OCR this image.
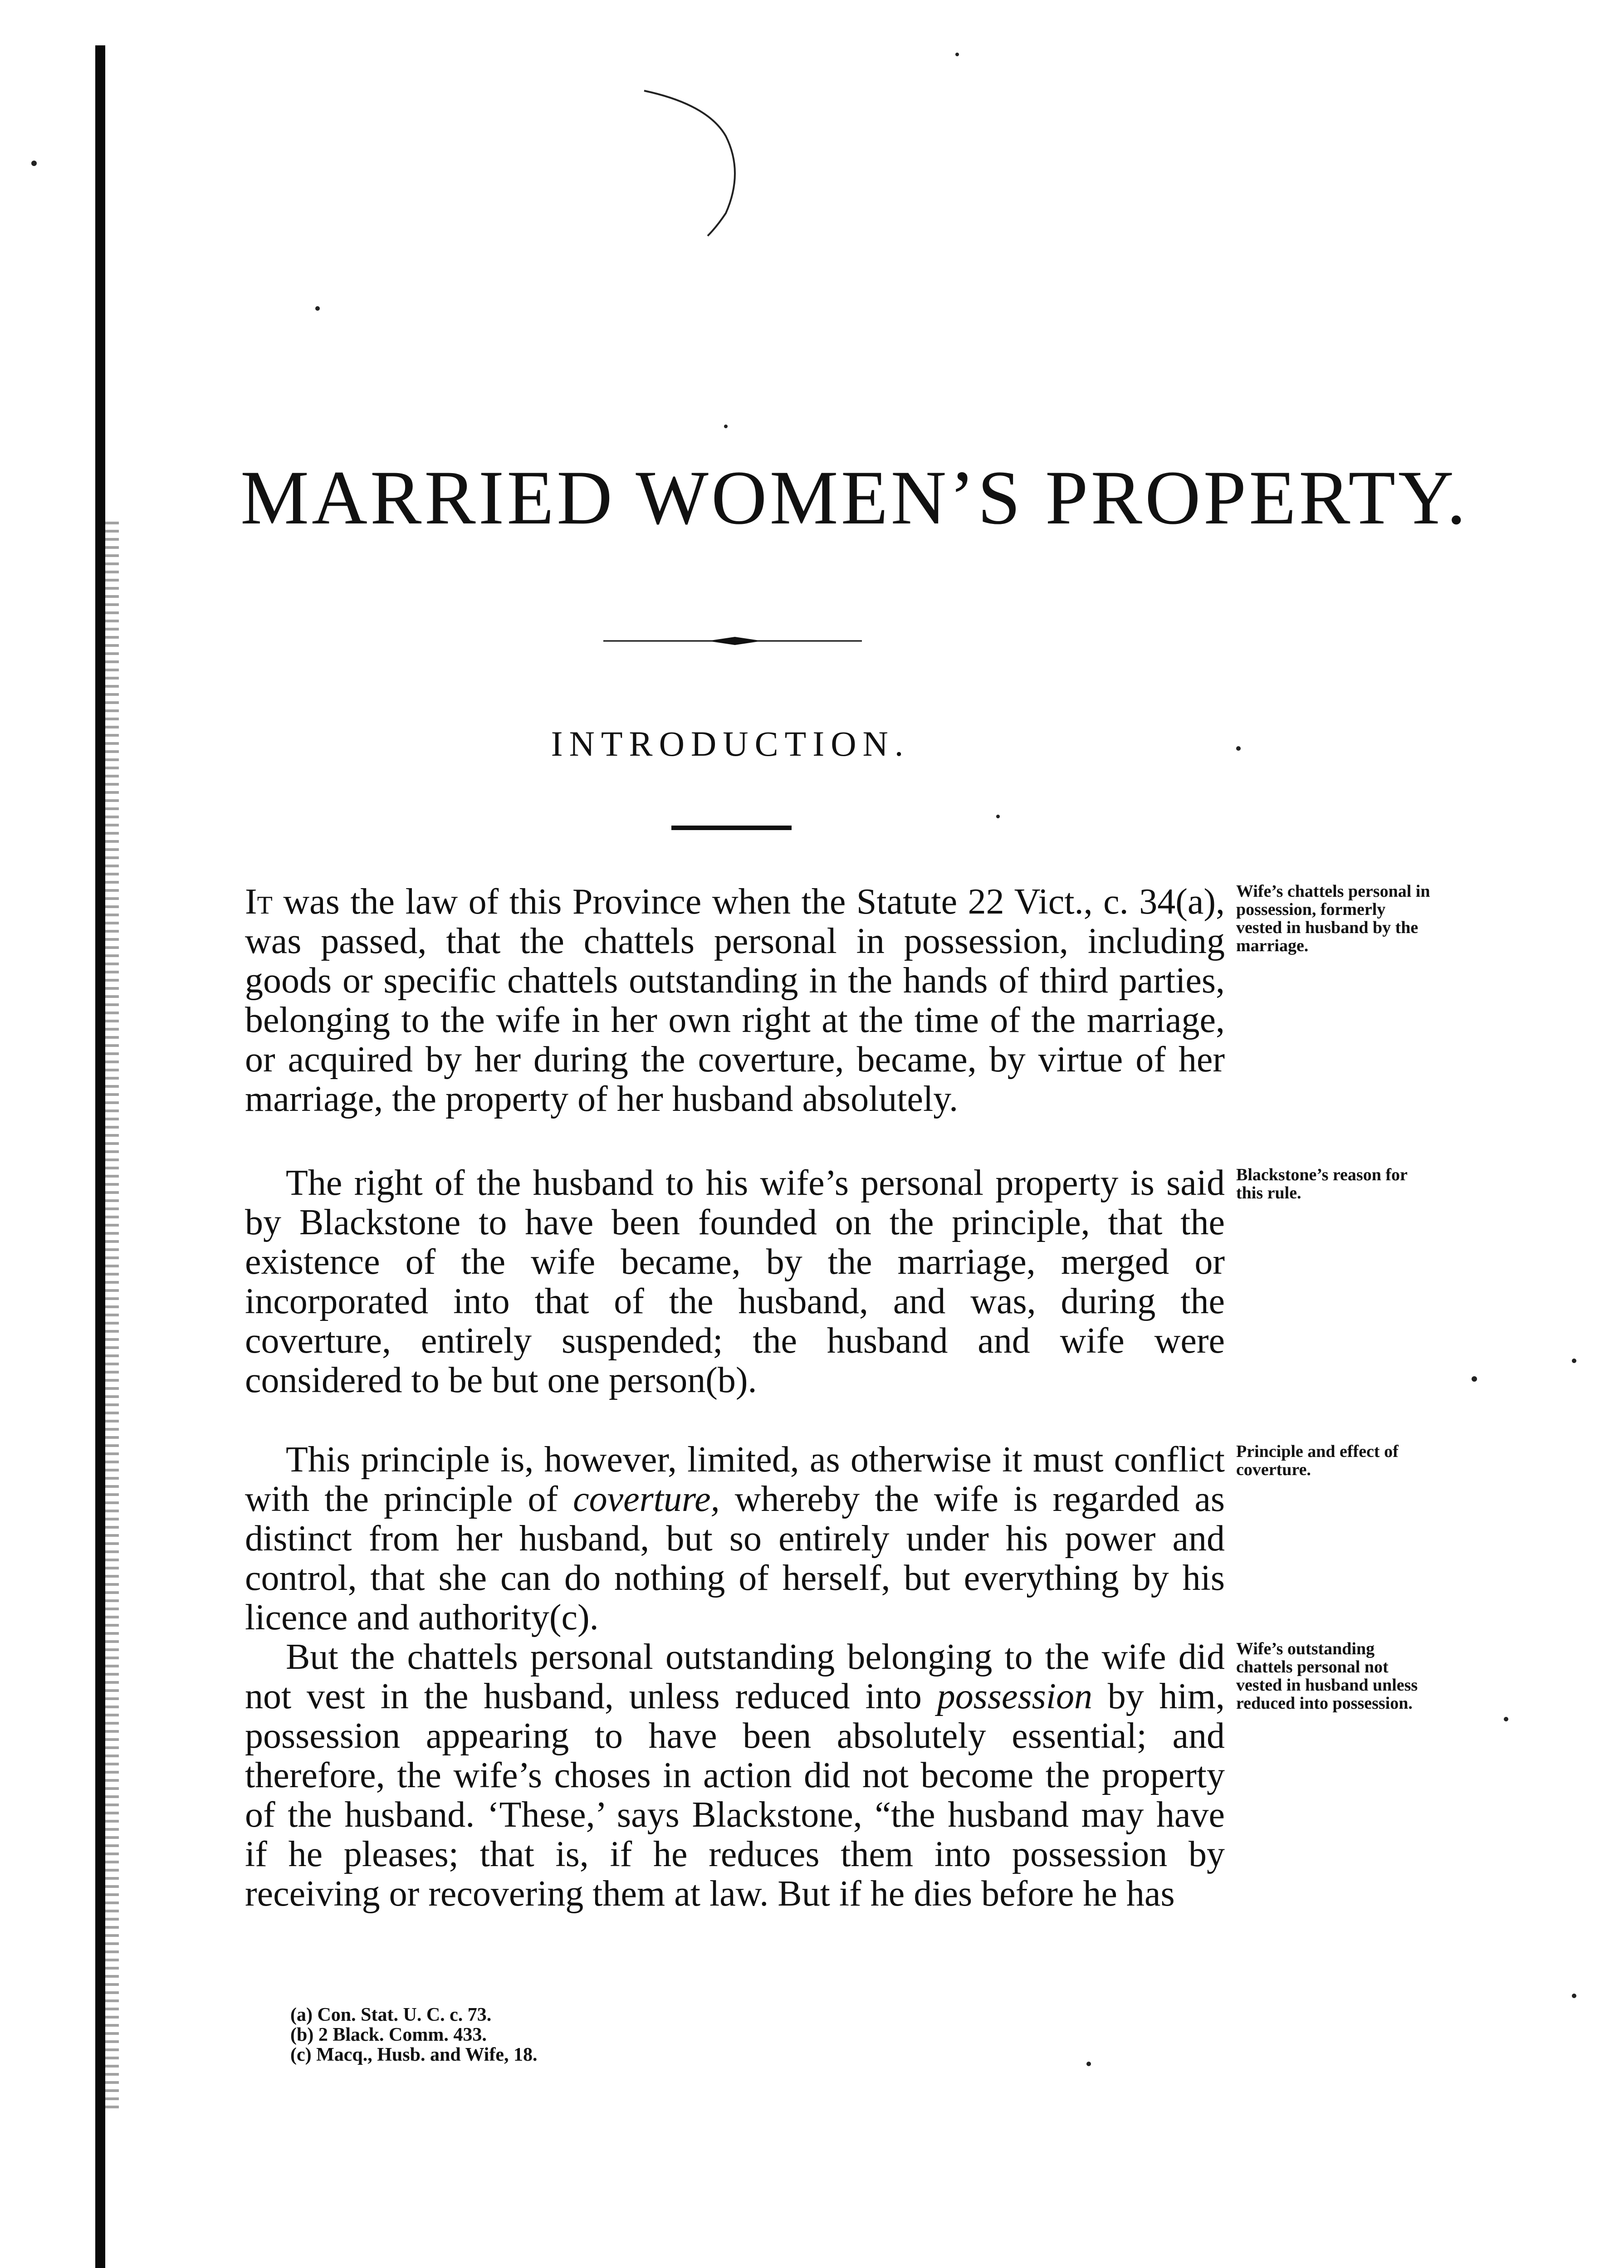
MARRIED WOMEN’S PROPERTY.
INTRODUCTION.

It was the law of this Province when the Statute 22 Vict., c. 34(a), was passed, that the chattels personal in possession, including goods or specific chattels outstanding in the hands of third parties, belonging to the wife in her own right at the time of the marriage, or acquired by her during the coverture, became, by virtue of her marriage, the property of her husband absolutely.

The right of the husband to his wife’s personal property is said by Blackstone to have been founded on the principle, that the existence of the wife became, by the marriage, merged or incorporated into that of the husband, and was, during the coverture, entirely suspended; the husband and wife were considered to be but one person(b).

This principle is, however, limited, as otherwise it must conflict with the principle of coverture, whereby the wife is regarded as distinct from her husband, but so entirely under his power and control, that she can do nothing of herself, but everything by his licence and authority(c).

But the chattels personal outstanding belonging to the wife did not vest in the husband, unless reduced into possession by him, possession appearing to have been absolutely essential; and therefore, the wife’s choses in action did not become the property of the husband. ‘These,’ says Blackstone, “the husband may have if he pleases; that is, if he reduces them into possession by receiving or recovering them at law. But if he dies before he has

Wife’s chattels personal in possession, formerly vested in husband by the marriage.
Blackstone’s reason for this rule.
Principle and effect of coverture.
Wife’s outstanding chattels personal not vested in husband unless reduced into possession.
(a) Con. Stat. U. C. c. 73.
(b) 2 Black. Comm. 433.
(c) Macq., Husb. and Wife, 18.
